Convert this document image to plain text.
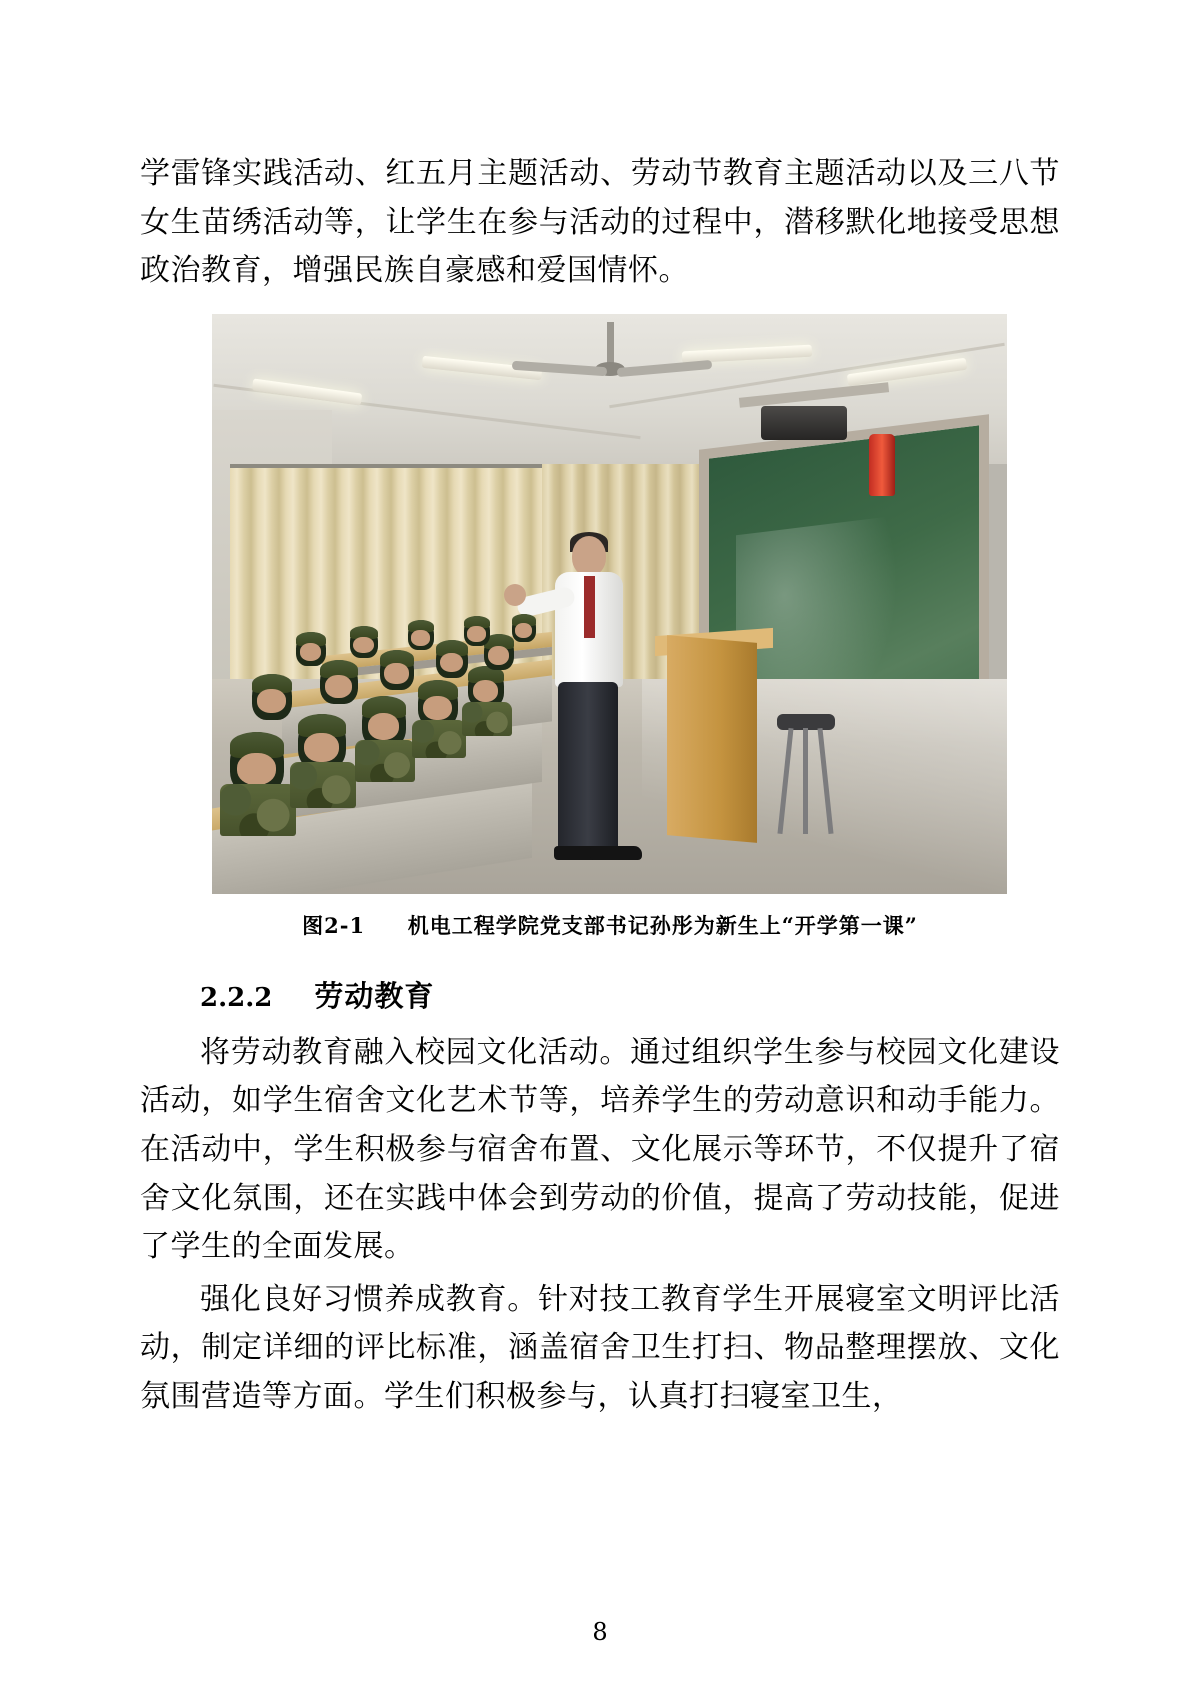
学雷锋实践活动、红五月主题活动、劳动节教育主题活动以及三八节女生苗绣活动等，让学生在参与活动的过程中，潜移默化地接受思想政治教育，增强民族自豪感和爱国情怀。

图2-1 机电工程学院党支部书记孙彤为新生上“开学第一课”
2.2.2 劳动教育

将劳动教育融入校园文化活动。通过组织学生参与校园文化建设活动，如学生宿舍文化艺术节等，培养学生的劳动意识和动手能力。在活动中，学生积极参与宿舍布置、文化展示等环节，不仅提升了宿舍文化氛围，还在实践中体会到劳动的价值，提高了劳动技能，促进了学生的全面发展。

强化良好习惯养成教育。针对技工教育学生开展寝室文明评比活动，制定详细的评比标准，涵盖宿舍卫生打扫、物品整理摆放、文化氛围营造等方面。学生们积极参与，认真打扫寝室卫生，

8
